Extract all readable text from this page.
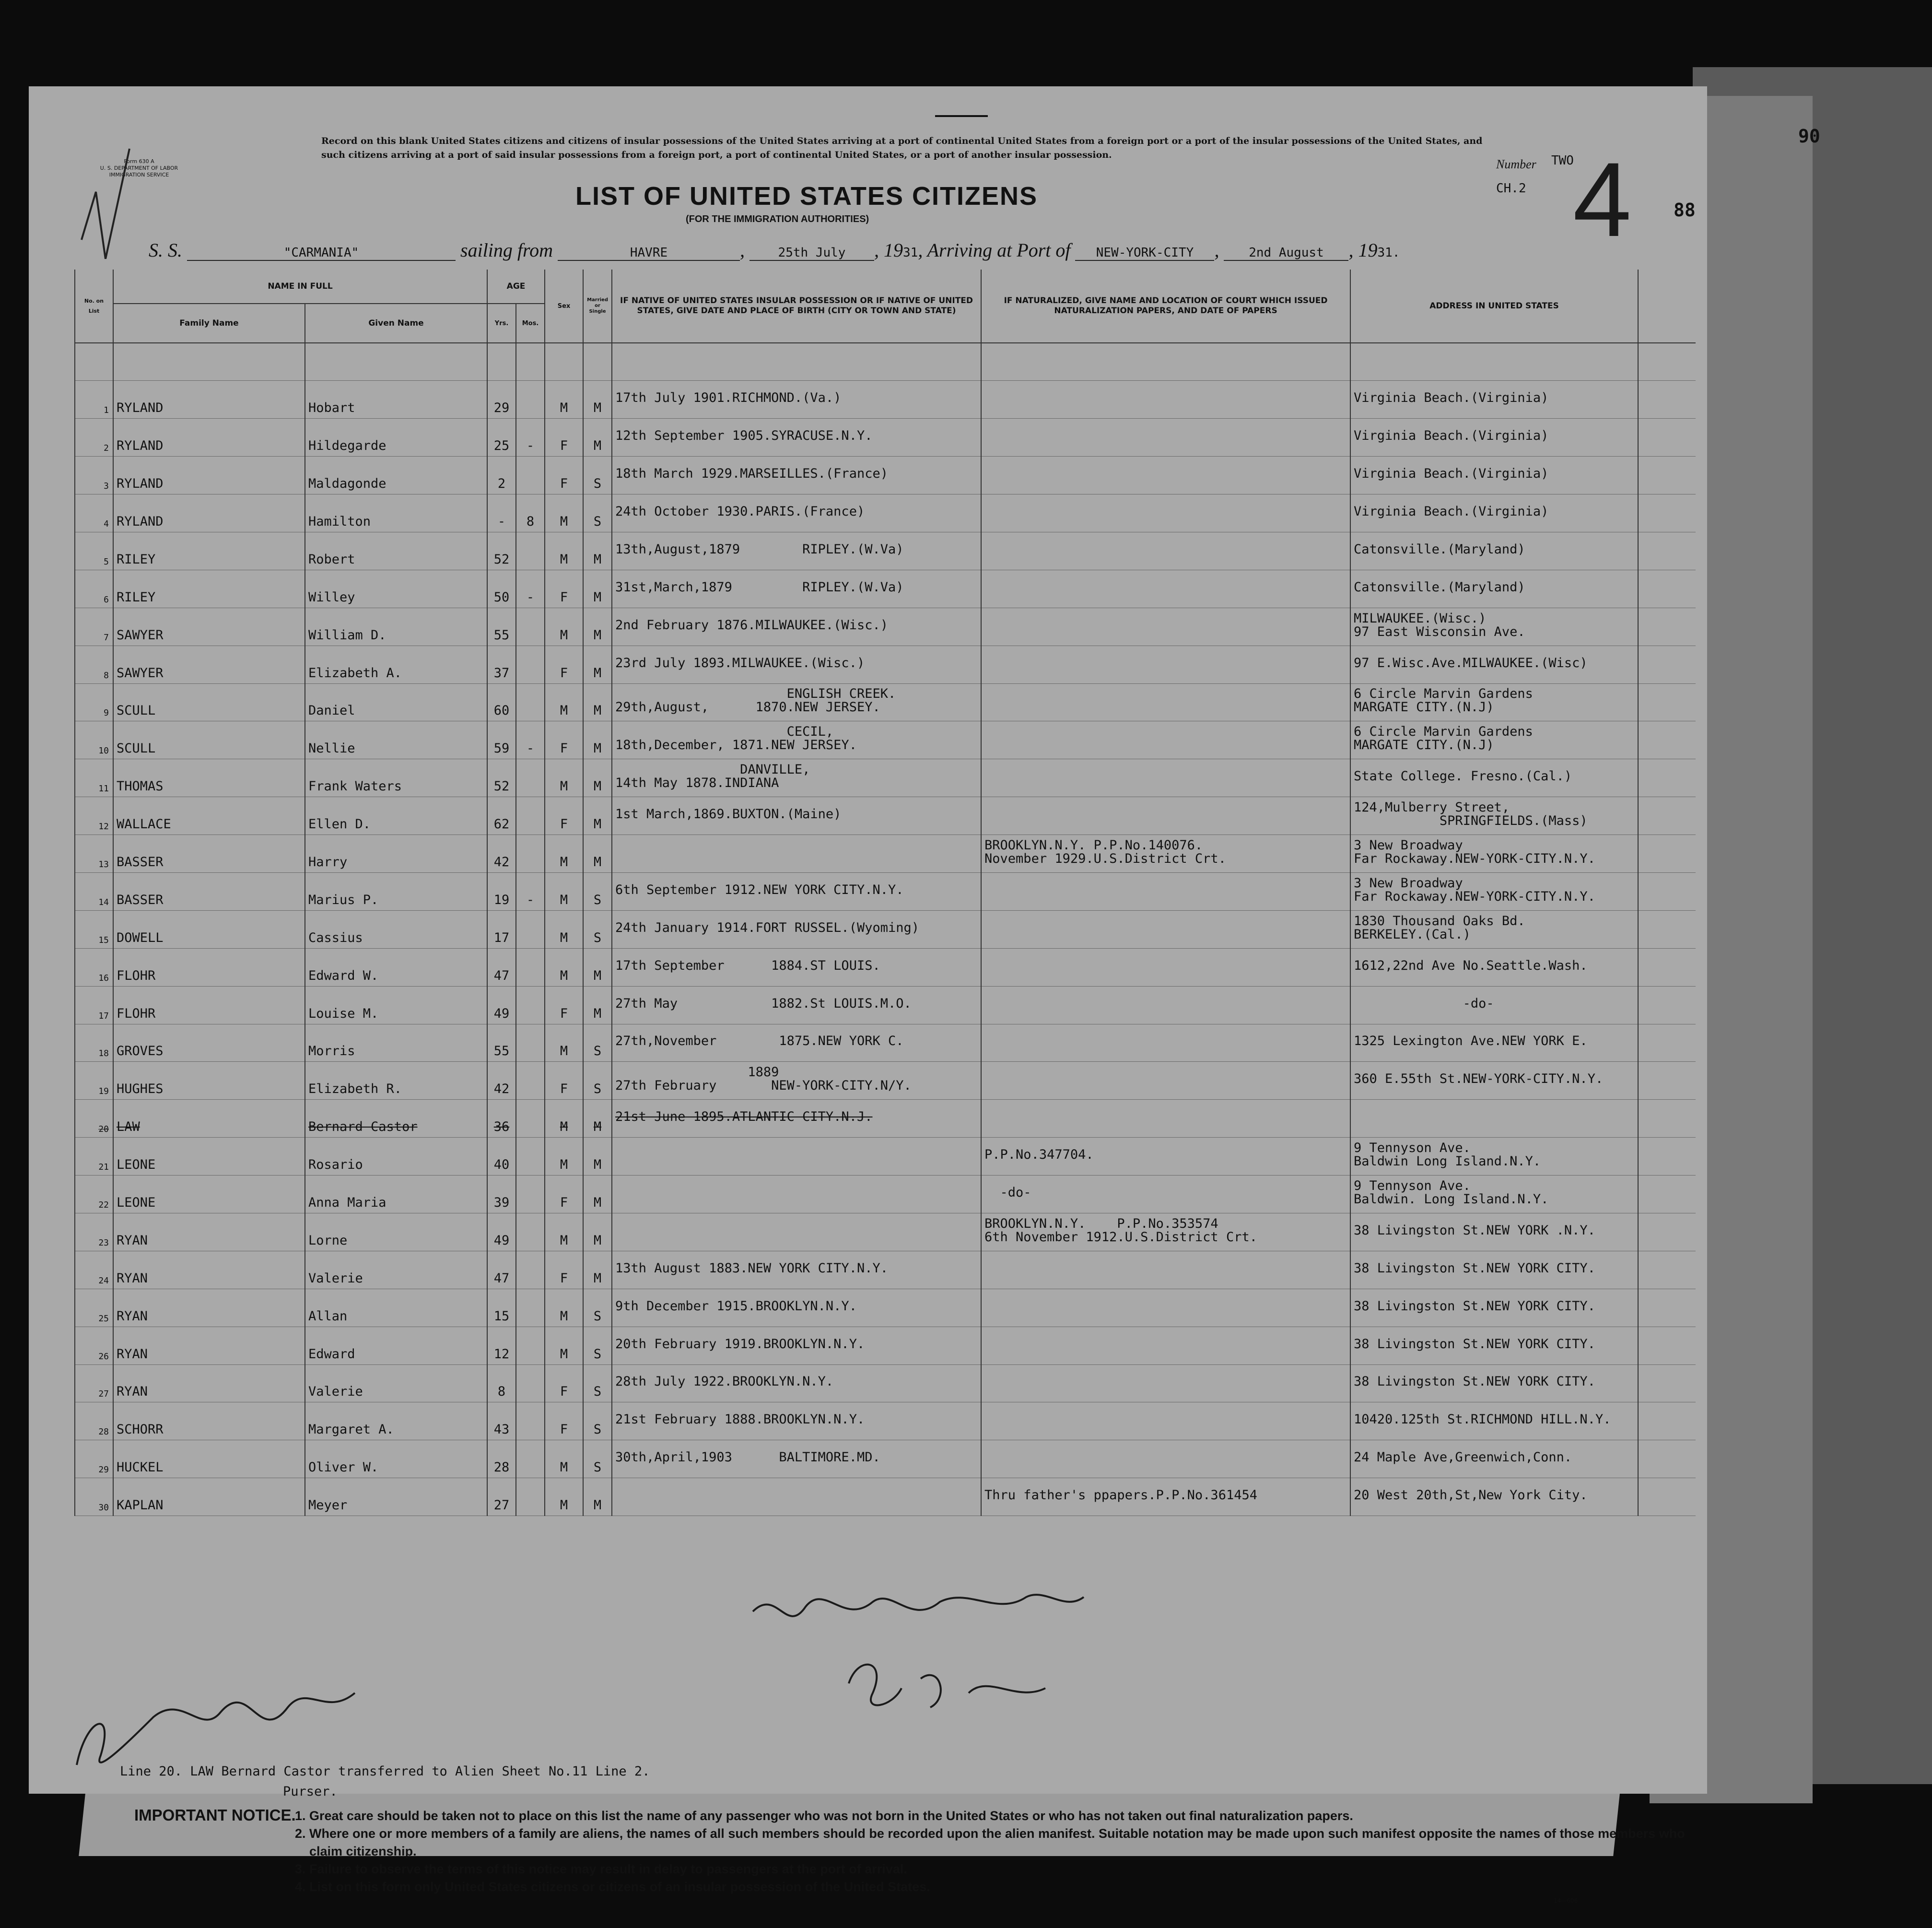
90
Form 630 A
U. S. DEPARTMENT OF LABOR
IMMIGRATION SERVICE
Record on this blank United States citizens and citizens of insular possessions of the United States arriving at a port of continental United States from a foreign port or a port of the insular possessions of the United States, and such citizens arriving at a port of said insular possessions from a foreign port, a port of continental United States, or a port of another insular possession.
LIST OF UNITED STATES CITIZENS
(FOR THE IMMIGRATION AUTHORITIES)
Number TWO
CH.2 4 88
S. S.	"CARMANIA"	sailing from	HAVRE	, 25th July , 1931, Arriving at Port of NEW-YORK-CITY , 2nd August , 1931.
No. on List	NAME IN FULL		AGE		Sex	Married or Single	IF NATIVE OF UNITED STATES INSULAR POSSESSION OR IF NATIVE OF UNITED STATES, GIVE DATE AND PLACE OF BIRTH (CITY OR TOWN AND STATE)	IF NATURALIZED, GIVE NAME AND LOCATION OF COURT WHICH ISSUED NATURALIZATION PAPERS, AND DATE OF PAPERS	ADDRESS IN UNITED STATES	
	Family Name	Given Name	Yrs.	Mos.						

1	RYLAND	Hobart	29		M	M	17th July 1901.RICHMOND.(Va.)		Virginia Beach.(Virginia)	
2	RYLAND	Hildegarde	25	-	F	M	12th September 1905.SYRACUSE.N.Y.		Virginia Beach.(Virginia)	
3	RYLAND	Maldagonde	2		F	S	18th March 1929.MARSEILLES.(France)		Virginia Beach.(Virginia)	
4	RYLAND	Hamilton	-	8	M	S	24th October 1930.PARIS.(France)		Virginia Beach.(Virginia)	
5	RILEY	Robert	52		M	M	13th,August,1879        RIPLEY.(W.Va)		Catonsville.(Maryland)	
6	RILEY	Willey	50	-	F	M	31st,March,1879         RIPLEY.(W.Va)		Catonsville.(Maryland)	
7	SAWYER	William D.	55		M	M	2nd February 1876.MILWAUKEE.(Wisc.)		MILWAUKEE.(Wisc.)
97 East Wisconsin Ave.	
8	SAWYER	Elizabeth A.	37		F	M	23rd July 1893.MILWAUKEE.(Wisc.)		97 E.Wisc.Ave.MILWAUKEE.(Wisc)	
9	SCULL	Daniel	60		M	M	ENGLISH CREEK.
29th,August,      1870.NEW JERSEY.		6 Circle Marvin Gardens
MARGATE CITY.(N.J)	
10	SCULL	Nellie	59	-	F	M	CECIL,
18th,December, 1871.NEW JERSEY.		6 Circle Marvin Gardens
MARGATE CITY.(N.J)	
11	THOMAS	Frank Waters	52		M	M	DANVILLE,
14th May 1878.INDIANA		State College. Fresno.(Cal.)	
12	WALLACE	Ellen D.	62		F	M	1st March,1869.BUXTON.(Maine)		124,Mulberry Street,
SPRINGFIELDS.(Mass)	
13	BASSER	Harry	42		M	M		BROOKLYN.N.Y. P.P.No.140076.
November 1929.U.S.District Crt.	3 New Broadway
Far Rockaway.NEW-YORK-CITY.N.Y.	
14	BASSER	Marius P.	19	-	M	S	6th September 1912.NEW YORK CITY.N.Y.		3 New Broadway
Far Rockaway.NEW-YORK-CITY.N.Y.	
15	DOWELL	Cassius	17		M	S	24th January 1914.FORT RUSSEL.(Wyoming)		1830 Thousand Oaks Bd.
BERKELEY.(Cal.)	
16	FLOHR	Edward W.	47		M	M	17th September      1884.ST LOUIS.		1612,22nd Ave No.Seattle.Wash.	
17	FLOHR	Louise M.	49		F	M	27th May            1882.St LOUIS.M.O.		-do-	
18	GROVES	Morris	55		M	S	27th,November        1875.NEW YORK C.		1325 Lexington Ave.NEW YORK E.	
19	HUGHES	Elizabeth R.	42		F	S	1889
27th February       NEW-YORK-CITY.N/Y.		360 E.55th St.NEW-YORK-CITY.N.Y.	
20	LAW	Bernard Castor	36		M	M	21st June 1895.ATLANTIC CITY.N.J.			
21	LEONE	Rosario	40		M	M		P.P.No.347704.	9 Tennyson Ave.
Baldwin Long Island.N.Y.	
22	LEONE	Anna Maria	39		F	M		-do-	9 Tennyson Ave.
Baldwin. Long Island.N.Y.	
23	RYAN	Lorne	49		M	M		BROOKLYN.N.Y.    P.P.No.353574
6th November 1912.U.S.District Crt.	38 Livingston St.NEW YORK .N.Y.	
24	RYAN	Valerie	47		F	M	13th August 1883.NEW YORK CITY.N.Y.		38 Livingston St.NEW YORK CITY.	
25	RYAN	Allan	15		M	S	9th December 1915.BROOKLYN.N.Y.		38 Livingston St.NEW YORK CITY.	
26	RYAN	Edward	12		M	S	20th February 1919.BROOKLYN.N.Y.		38 Livingston St.NEW YORK CITY.	
27	RYAN	Valerie	8		F	S	28th July 1922.BROOKLYN.N.Y.		38 Livingston St.NEW YORK CITY.	
28	SCHORR	Margaret A.	43		F	S	21st February 1888.BROOKLYN.N.Y.		10420.125th St.RICHMOND HILL.N.Y.	
29	HUCKEL	Oliver W.	28		M	S	30th,April,1903      BALTIMORE.MD.		24 Maple Ave,Greenwich,Conn.	
30	KAPLAN	Meyer	27		M	M		Thru father's ppapers.P.P.No.361454	20 West 20th,St,New York City.	
Line 20. LAW Bernard Castor transferred to Alien Sheet No.11 Line 2.
Purser.
IMPORTANT NOTICE.

1. Great care should be taken not to place on this list the name of any passenger who was not born in the United States or who has not taken out final naturalization papers.

2. Where one or more members of a family are aliens, the names of all such members should be recorded upon the alien manifest. Suitable notation may be made upon such manifest opposite the names of those members who claim citizenship.

3. Failure to observe the terms of this notice may result in delay to passengers at the port of arrival.

4. List on this form only United States citizens or citizens of an insular possession of the United States.

14—606
